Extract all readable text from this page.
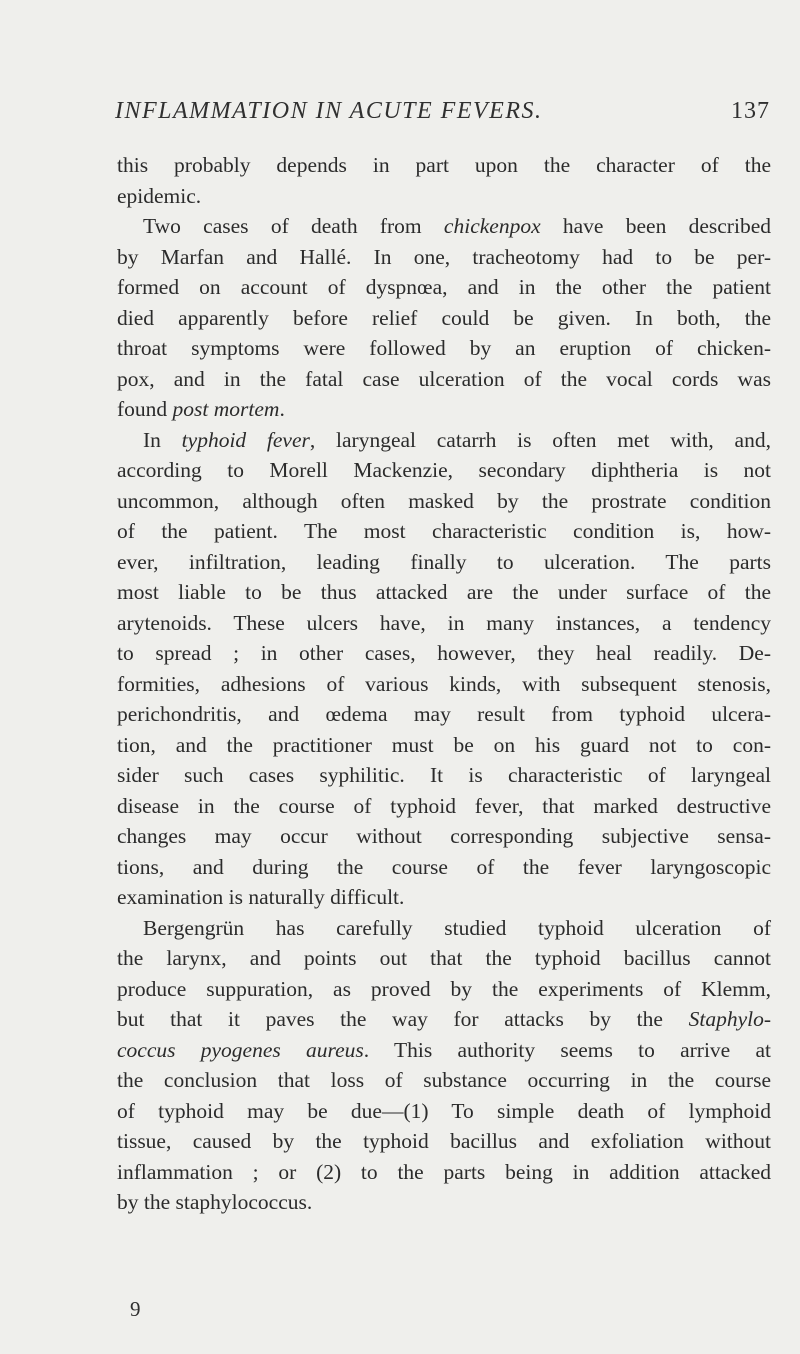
INFLAMMATION IN ACUTE FEVERS.	137
this probably depends in part upon the character of the
epidemic.
Two cases of death from chickenpox have been described
by Marfan and Hallé. In one, tracheotomy had to be per-
formed on account of dyspnœa, and in the other the patient
died apparently before relief could be given. In both, the
throat symptoms were followed by an eruption of chicken-
pox, and in the fatal case ulceration of the vocal cords was
found post mortem.
In typhoid fever, laryngeal catarrh is often met with, and,
according to Morell Mackenzie, secondary diphtheria is not
uncommon, although often masked by the prostrate condition
of the patient. The most characteristic condition is, how-
ever, infiltration, leading finally to ulceration. The parts
most liable to be thus attacked are the under surface of the
arytenoids. These ulcers have, in many instances, a tendency
to spread ; in other cases, however, they heal readily. De-
formities, adhesions of various kinds, with subsequent stenosis,
perichondritis, and œdema may result from typhoid ulcera-
tion, and the practitioner must be on his guard not to con-
sider such cases syphilitic. It is characteristic of laryngeal
disease in the course of typhoid fever, that marked destructive
changes may occur without corresponding subjective sensa-
tions, and during the course of the fever laryngoscopic
examination is naturally difficult.
Bergengrün has carefully studied typhoid ulceration of
the larynx, and points out that the typhoid bacillus cannot
produce suppuration, as proved by the experiments of Klemm,
but that it paves the way for attacks by the Staphylo-
coccus pyogenes aureus. This authority seems to arrive at
the conclusion that loss of substance occurring in the course
of typhoid may be due—(1) To simple death of lymphoid
tissue, caused by the typhoid bacillus and exfoliation without
inflammation ; or (2) to the parts being in addition attacked
by the staphylococcus.
9
